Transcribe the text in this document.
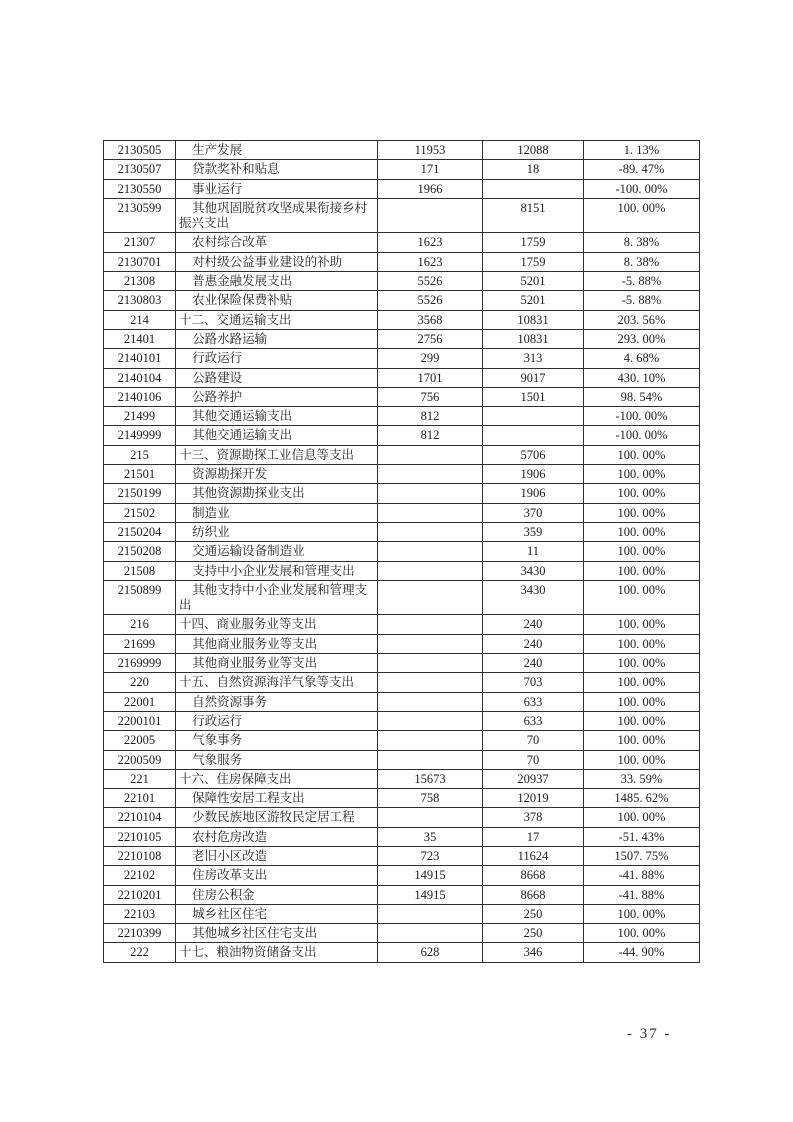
2130505	生产发展	11953	12088	1. 13%
2130507	贷款奖补和贴息	171	18	-89. 47%
2130550	事业运行	1966		-100. 00%
2130599	其他巩固脱贫攻坚成果衔接乡村振兴支出		8151	100. 00%
21307	农村综合改革	1623	1759	8. 38%
2130701	对村级公益事业建设的补助	1623	1759	8. 38%
21308	普惠金融发展支出	5526	5201	-5. 88%
2130803	农业保险保费补贴	5526	5201	-5. 88%
214	十二、交通运输支出	3568	10831	203. 56%
21401	公路水路运输	2756	10831	293. 00%
2140101	行政运行	299	313	4. 68%
2140104	公路建设	1701	9017	430. 10%
2140106	公路养护	756	1501	98. 54%
21499	其他交通运输支出	812		-100. 00%
2149999	其他交通运输支出	812		-100. 00%
215	十三、资源勘探工业信息等支出		5706	100. 00%
21501	资源勘探开发		1906	100. 00%
2150199	其他资源勘探业支出		1906	100. 00%
21502	制造业		370	100. 00%
2150204	纺织业		359	100. 00%
2150208	交通运输设备制造业		11	100. 00%
21508	支持中小企业发展和管理支出		3430	100. 00%
2150899	其他支持中小企业发展和管理支出		3430	100. 00%
216	十四、商业服务业等支出		240	100. 00%
21699	其他商业服务业等支出		240	100. 00%
2169999	其他商业服务业等支出		240	100. 00%
220	十五、自然资源海洋气象等支出		703	100. 00%
22001	自然资源事务		633	100. 00%
2200101	行政运行		633	100. 00%
22005	气象事务		70	100. 00%
2200509	气象服务		70	100. 00%
221	十六、住房保障支出	15673	20937	33. 59%
22101	保障性安居工程支出	758	12019	1485. 62%
2210104	少数民族地区游牧民定居工程		378	100. 00%
2210105	农村危房改造	35	17	-51. 43%
2210108	老旧小区改造	723	11624	1507. 75%
22102	住房改革支出	14915	8668	-41. 88%
2210201	住房公积金	14915	8668	-41. 88%
22103	城乡社区住宅		250	100. 00%
2210399	其他城乡社区住宅支出		250	100. 00%
222	十七、粮油物资储备支出	628	346	-44. 90%
- 37 -
